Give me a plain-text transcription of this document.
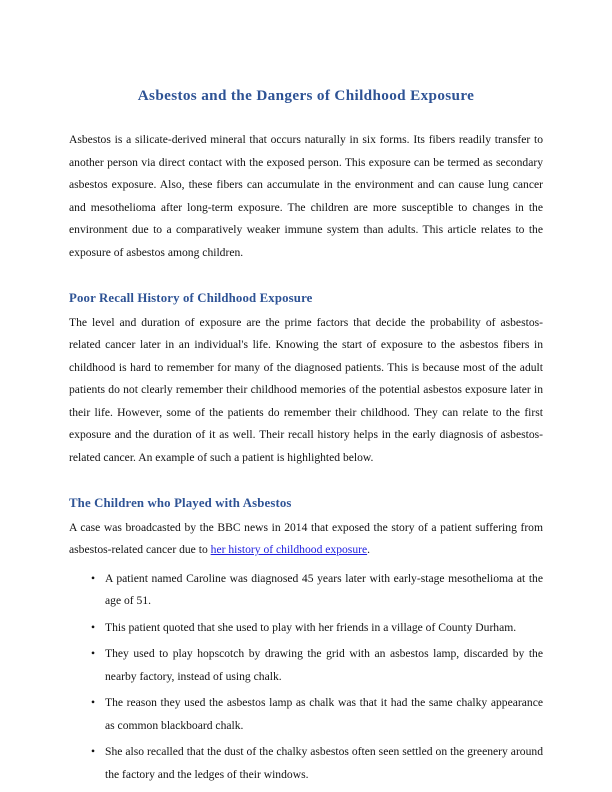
Asbestos and the Dangers of Childhood Exposure

Asbestos is a silicate-derived mineral that occurs naturally in six forms. Its fibers readily transfer to another person via direct contact with the exposed person. This exposure can be termed as secondary asbestos exposure. Also, these fibers can accumulate in the environment and can cause lung cancer and mesothelioma after long-term exposure. The children are more susceptible to changes in the environment due to a comparatively weaker immune system than adults. This article relates to the exposure of asbestos among children.

Poor Recall History of Childhood Exposure

The level and duration of exposure are the prime factors that decide the probability of asbestos-related cancer later in an individual's life. Knowing the start of exposure to the asbestos fibers in childhood is hard to remember for many of the diagnosed patients. This is because most of the adult patients do not clearly remember their childhood memories of the potential asbestos exposure later in their life. However, some of the patients do remember their childhood. They can relate to the first exposure and the duration of it as well. Their recall history helps in the early diagnosis of asbestos-related cancer. An example of such a patient is highlighted below.

The Children who Played with Asbestos

A case was broadcasted by the BBC news in 2014 that exposed the story of a patient suffering from asbestos-related cancer due to her history of childhood exposure.

• A patient named Caroline was diagnosed 45 years later with early-stage mesothelioma at the age of 51.
• This patient quoted that she used to play with her friends in a village of County Durham.
• They used to play hopscotch by drawing the grid with an asbestos lamp, discarded by the nearby factory, instead of using chalk.
• The reason they used the asbestos lamp as chalk was that it had the same chalky appearance as common blackboard chalk.
• She also recalled that the dust of the chalky asbestos often seen settled on the greenery around the factory and the ledges of their windows.
